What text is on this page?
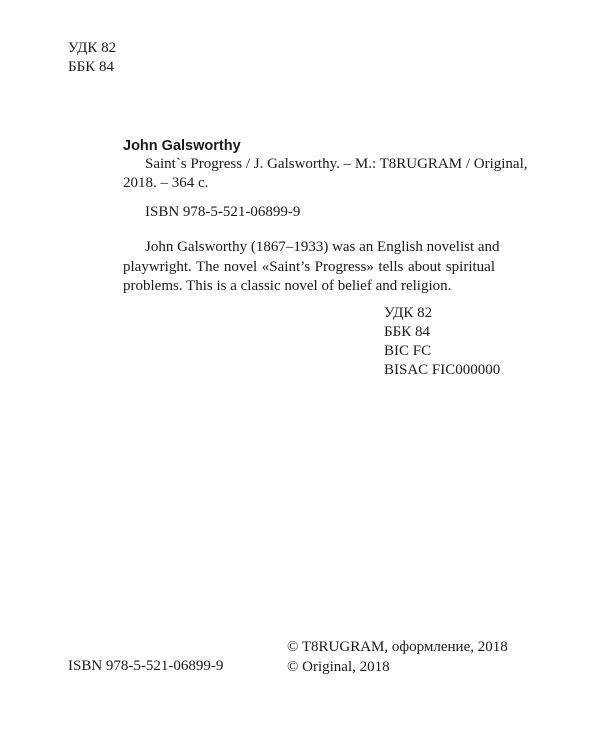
УДК 82
ББК 84
John Galsworthy
Saint`s Progress / J. Galsworthy. – M.: T8RUGRAM / Original,
2018. – 364 с.
ISBN 978-5-521-06899-9
John Galsworthy (1867–1933) was an English novelist and
playwright. The novel «Saint’s Progress» tells about spiritual
problems. This is a classic novel of belief and religion.
УДК 82
ББК 84
BIC FC
BISAC FIC000000
ISBN 978-5-521-06899-9
© T8RUGRAM, оформление, 2018
© Original, 2018
